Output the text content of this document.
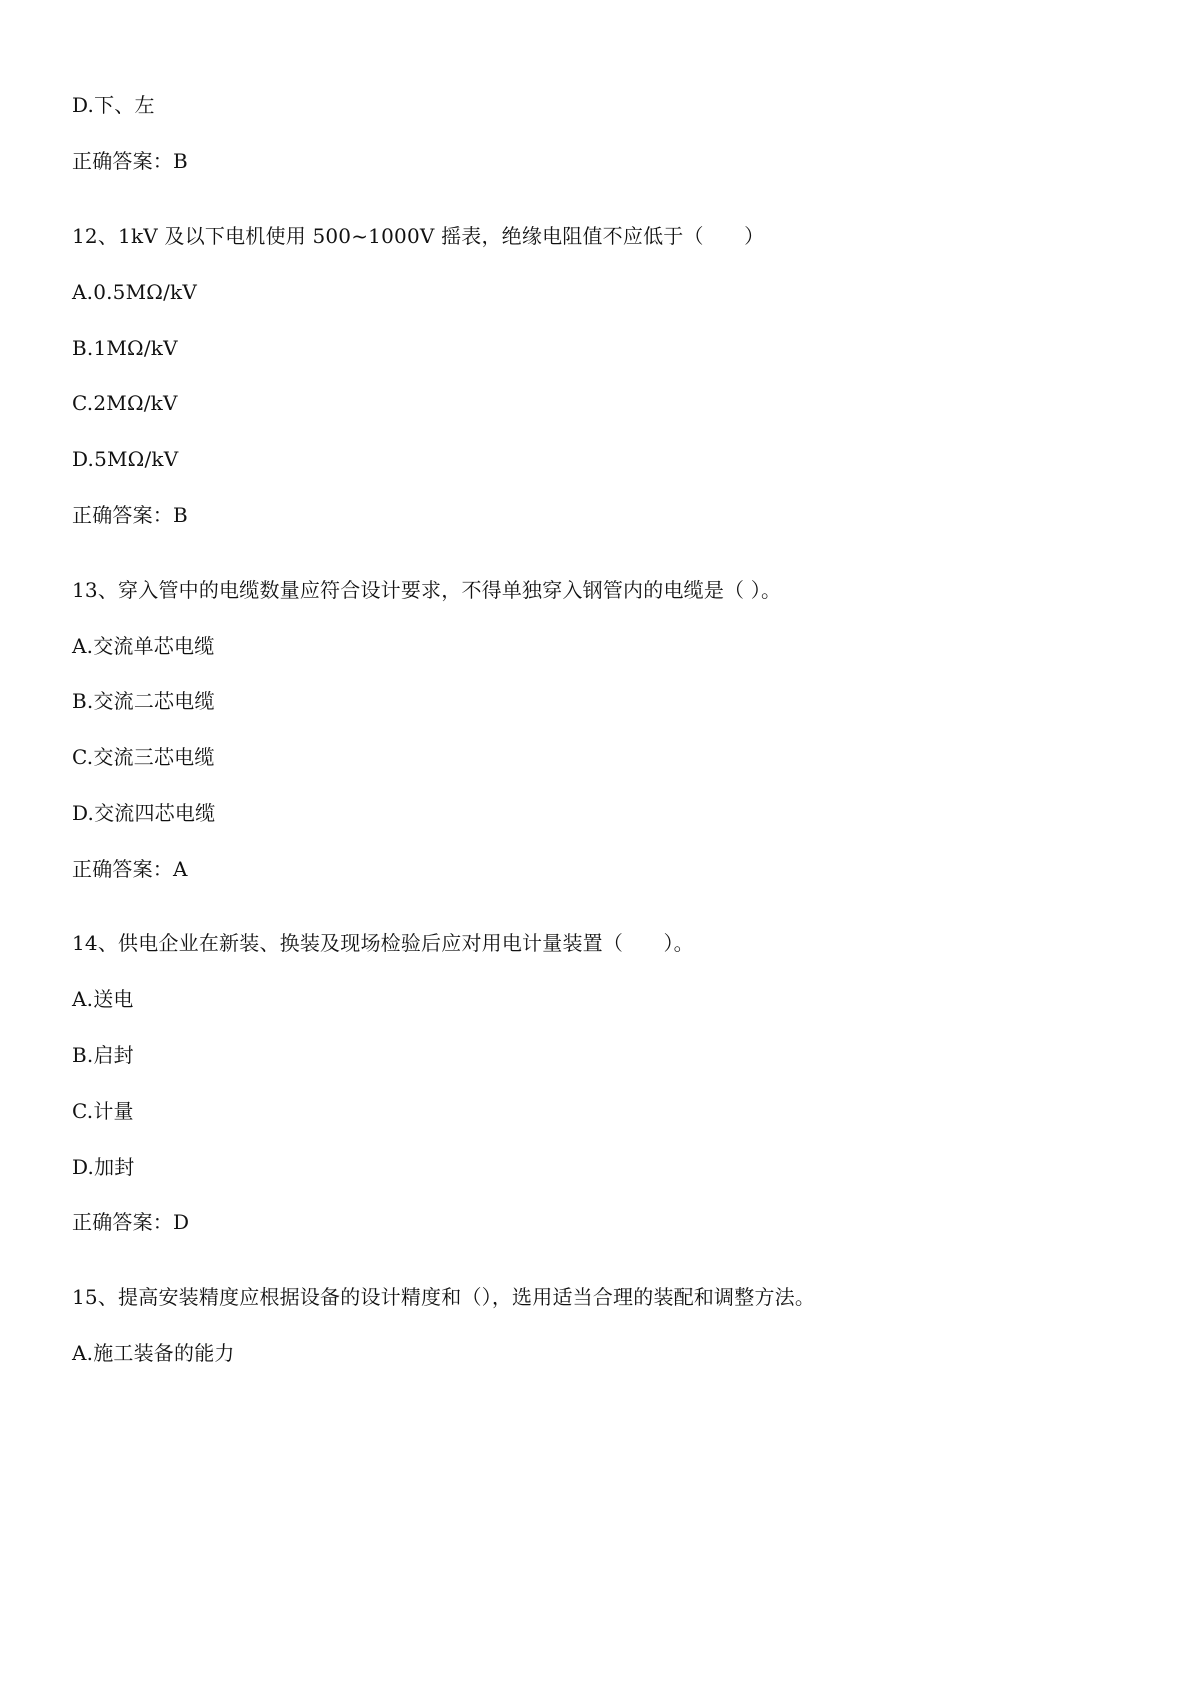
D.下、左
正确答案：B
12、1kV 及以下电机使用 500~1000V 摇表，绝缘电阻值不应低于（　　）
A.0.5MΩ/kV
B.1MΩ/kV
C.2MΩ/kV
D.5MΩ/kV
正确答案：B
13、穿入管中的电缆数量应符合设计要求，不得单独穿入钢管内的电缆是（ ）。
A.交流单芯电缆
B.交流二芯电缆
C.交流三芯电缆
D.交流四芯电缆
正确答案：A
14、供电企业在新装、换装及现场检验后应对用电计量装置（　　）。
A.送电
B.启封
C.计量
D.加封
正确答案：D
15、提高安装精度应根据设备的设计精度和（），选用适当合理的装配和调整方法。
A.施工装备的能力
